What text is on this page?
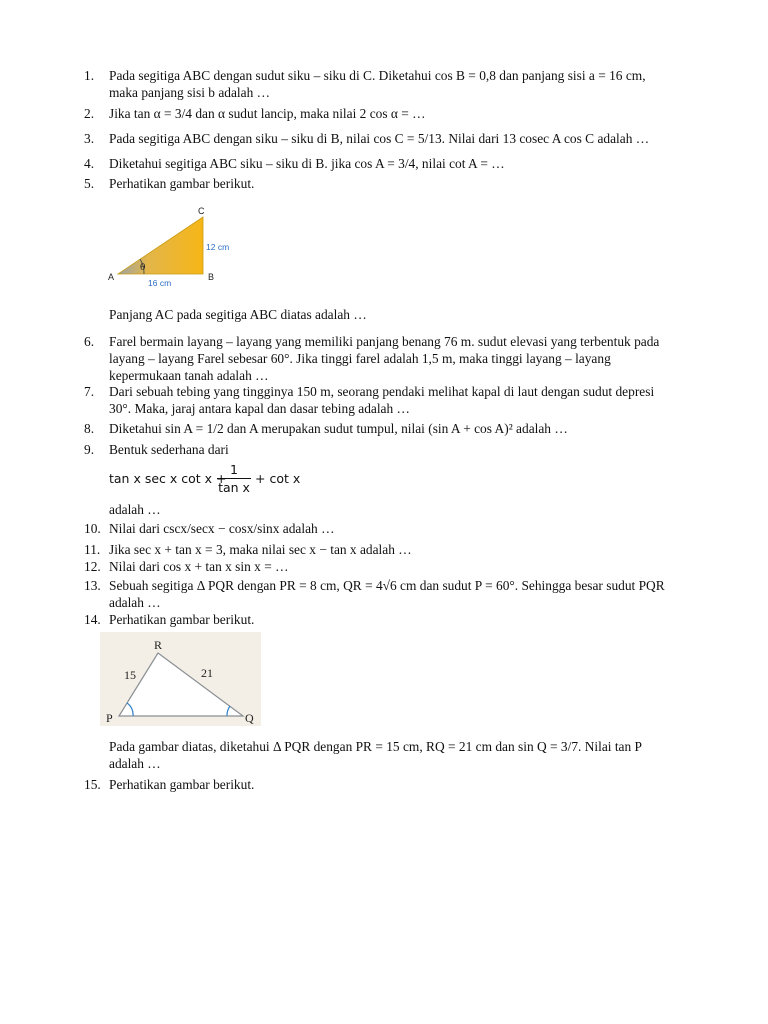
1.	Pada segitiga ABC dengan sudut siku – siku di C. Diketahui cos B = 0,8 dan panjang sisi a = 16 cm, maka panjang sisi b adalah …
2.	Jika tan α = 3/4 dan α sudut lancip, maka nilai 2 cos α = …
3.	Pada segitiga ABC dengan siku – siku di B, nilai cos C = 5/13. Nilai dari 13 cosec A cos C adalah …
4.	Diketahui segitiga ABC siku – siku di B. jika cos A = 3/4, nilai cot A = …
5.	Perhatikan gambar berikut.
θ
C
A	B
12 cm
16 cm
Panjang AC pada segitiga ABC diatas adalah …
6.	Farel bermain layang – layang yang memiliki panjang benang 76 m. sudut elevasi yang terbentuk pada layang – layang Farel sebesar 60°. Jika tinggi farel adalah 1,5 m, maka tinggi layang – layang kepermukaan tanah adalah …
7.	Dari sebuah tebing yang tingginya 150 m, seorang pendaki melihat kapal di laut dengan sudut depresi 30°. Maka, jaraj antara kapal dan dasar tebing adalah …
8.	Diketahui sin A = 1/2 dan A merupakan sudut tumpul, nilai (sin A + cos A)² adalah …
9.	Bentuk sederhana dari
tan x sec x cot x +
1
tan x
+ cot x
adalah …
10. Nilai dari cscx/secx − cosx/sinx adalah …
11. Jika sec x + tan x = 3, maka nilai sec x − tan x adalah …
12. Nilai dari cos x + tan x sin x = …
13. Sebuah segitiga Δ PQR dengan PR = 8 cm, QR = 4√6 cm dan sudut P = 60°. Sehingga besar sudut PQR adalah …
14. Perhatikan gambar berikut.
R
P	Q
15	21
Pada gambar diatas, diketahui Δ PQR dengan PR = 15 cm, RQ = 21 cm dan sin Q = 3/7. Nilai tan P adalah …
15. Perhatikan gambar berikut.
